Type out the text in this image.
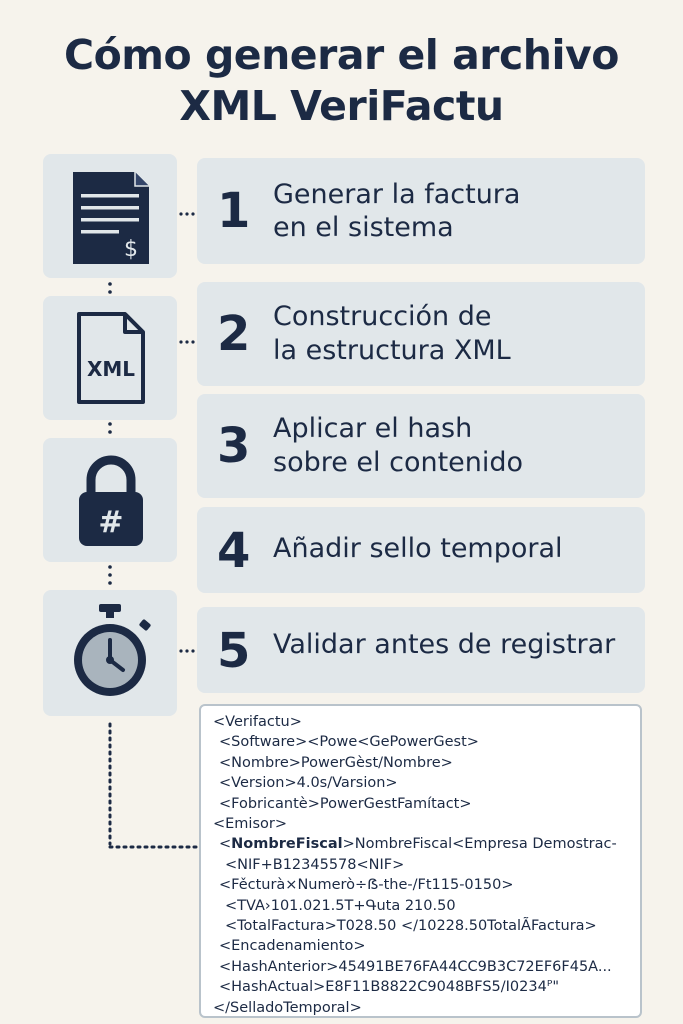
Cómo generar el archivo
XML VeriFactu
$
XML
#
1 Generar la factura
en el sistema
2 Construcción de
la estructura XML
3 Aplicar el hash
sobre el contenido
4 Añadir sello temporal
5 Validar antes de registrar
<Verifactu>
<Software><Powe<GePowerGest>
<Nombre>PowerGèst/Nombre>
<Version>4.0s/Varsion>
<Fobricantè>PowerGestFamítact>
<Emisor>
<NombreFiscal>NombreFiscal<Empresa Demostrac-
<NIF+B12345578<NIF>
<Fěcturà×Numerò÷ẞ-the-/Ft115-0150>
<TVA›101.021.5T+Գuta 210.50
<TotalFactura>T028.50 </10228.50TotalÃFactura>
<Encadenamiento>
<HashAnterior>45491BE76FA44CC9B3C72EF6F45A...
<HashActual>E8F11B8822C9048BFS5/I0234ᴾ"
</SelladoTemporal>
